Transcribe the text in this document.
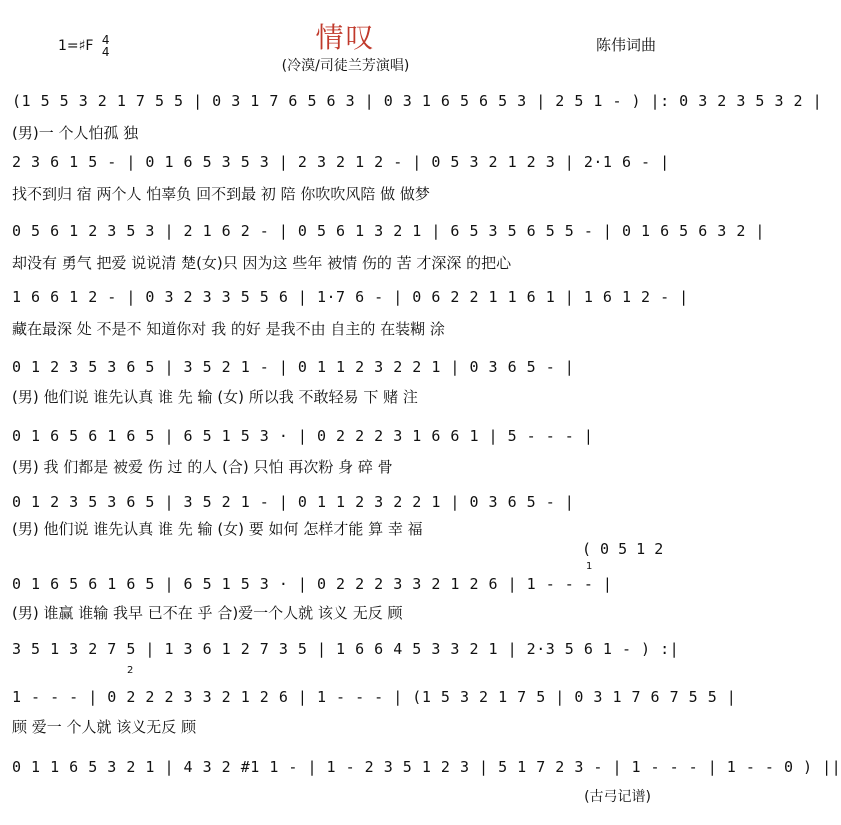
情叹
(冷漠/司徒兰芳演唱)
1=♯F 4
4	陈伟词曲
(1 5 5 3 2 1 7 5 5 | 0 3 1 7 6 5 6 3 | 0 3 1 6 5 6 5 3 | 2 5 1 - ) |: 0 3 2 3 5 3 2 |
(男)一 个人怕孤 独
2 3 6 1 5 - | 0 1 6 5 3 5 3 | 2 3 2 1 2 - | 0 5 3 2 1 2 3 | 2·1 6 - |
找不到归 宿 两个人 怕辜负 回不到最 初 陪 你吹吹风陪 做 做梦
0 5 6 1 2 3 5 3 | 2 1 6 2 - | 0 5 6 1 3 2 1 | 6 5 3 5 6 5 5 - | 0 1 6 5 6 3 2 |
却没有 勇气 把爱 说说清 楚(女)只 因为这 些年 被情 伤的 苦 才深深 的把心
1 6 6 1 2 - | 0 3 2 3 3 5 5 6 | 1·7 6 - | 0 6 2 2 1 1 6 1 | 1 6 1 2 - |
藏在最深 处 不是不 知道你对 我 的好 是我不由 自主的 在装糊 涂
0 1 2 3 5 3 6 5 | 3 5 2 1 - | 0 1 1 2 3 2 2 1 | 0 3 6 5 - |
(男) 他们说 谁先认真 谁 先 输 (女) 所以我 不敢轻易 下 赌 注
0 1 6 5 6 1 6 5 | 6 5 1 5 3 · | 0 2 2 2 3 1 6 6 1 | 5 - - - |
(男) 我 们都是 被爱 伤 过 的人 (合) 只怕 再次粉 身 碎 骨
0 1 2 3 5 3 6 5 | 3 5 2 1 - | 0 1 1 2 3 2 2 1 | 0 3 6 5 - |
(男) 他们说 谁先认真 谁 先 输 (女) 要 如何 怎样才能 算 幸 福
( 0 5 1 2
1
2
0 1 6 5 6 1 6 5 | 6 5 1 5 3 · | 0 2 2 2 3 3 2 1 2 6 | 1 - - - |
(男) 谁赢 谁输 我早 已不在 乎 合)爱一个人就 该义 无反 顾
3 5 1 3 2 7 5 | 1 3 6 1 2 7 3 5 | 1 6 6 4 5 3 3 2 1 | 2·3 5 6 1 - ) :|
1 - - - | 0 2 2 2 3 3 2 1 2 6 | 1 - - - | (1 5 3 2 1 7 5 | 0 3 1 7 6 7 5 5 |
顾 爱一 个人就 该义无反 顾
0 1 1 6 5 3 2 1 | 4 3 2 #1 1 - | 1 - 2 3 5 1 2 3 | 5 1 7 2 3 - | 1 - - - | 1 - - 0 ) ||
(古弓记谱)
